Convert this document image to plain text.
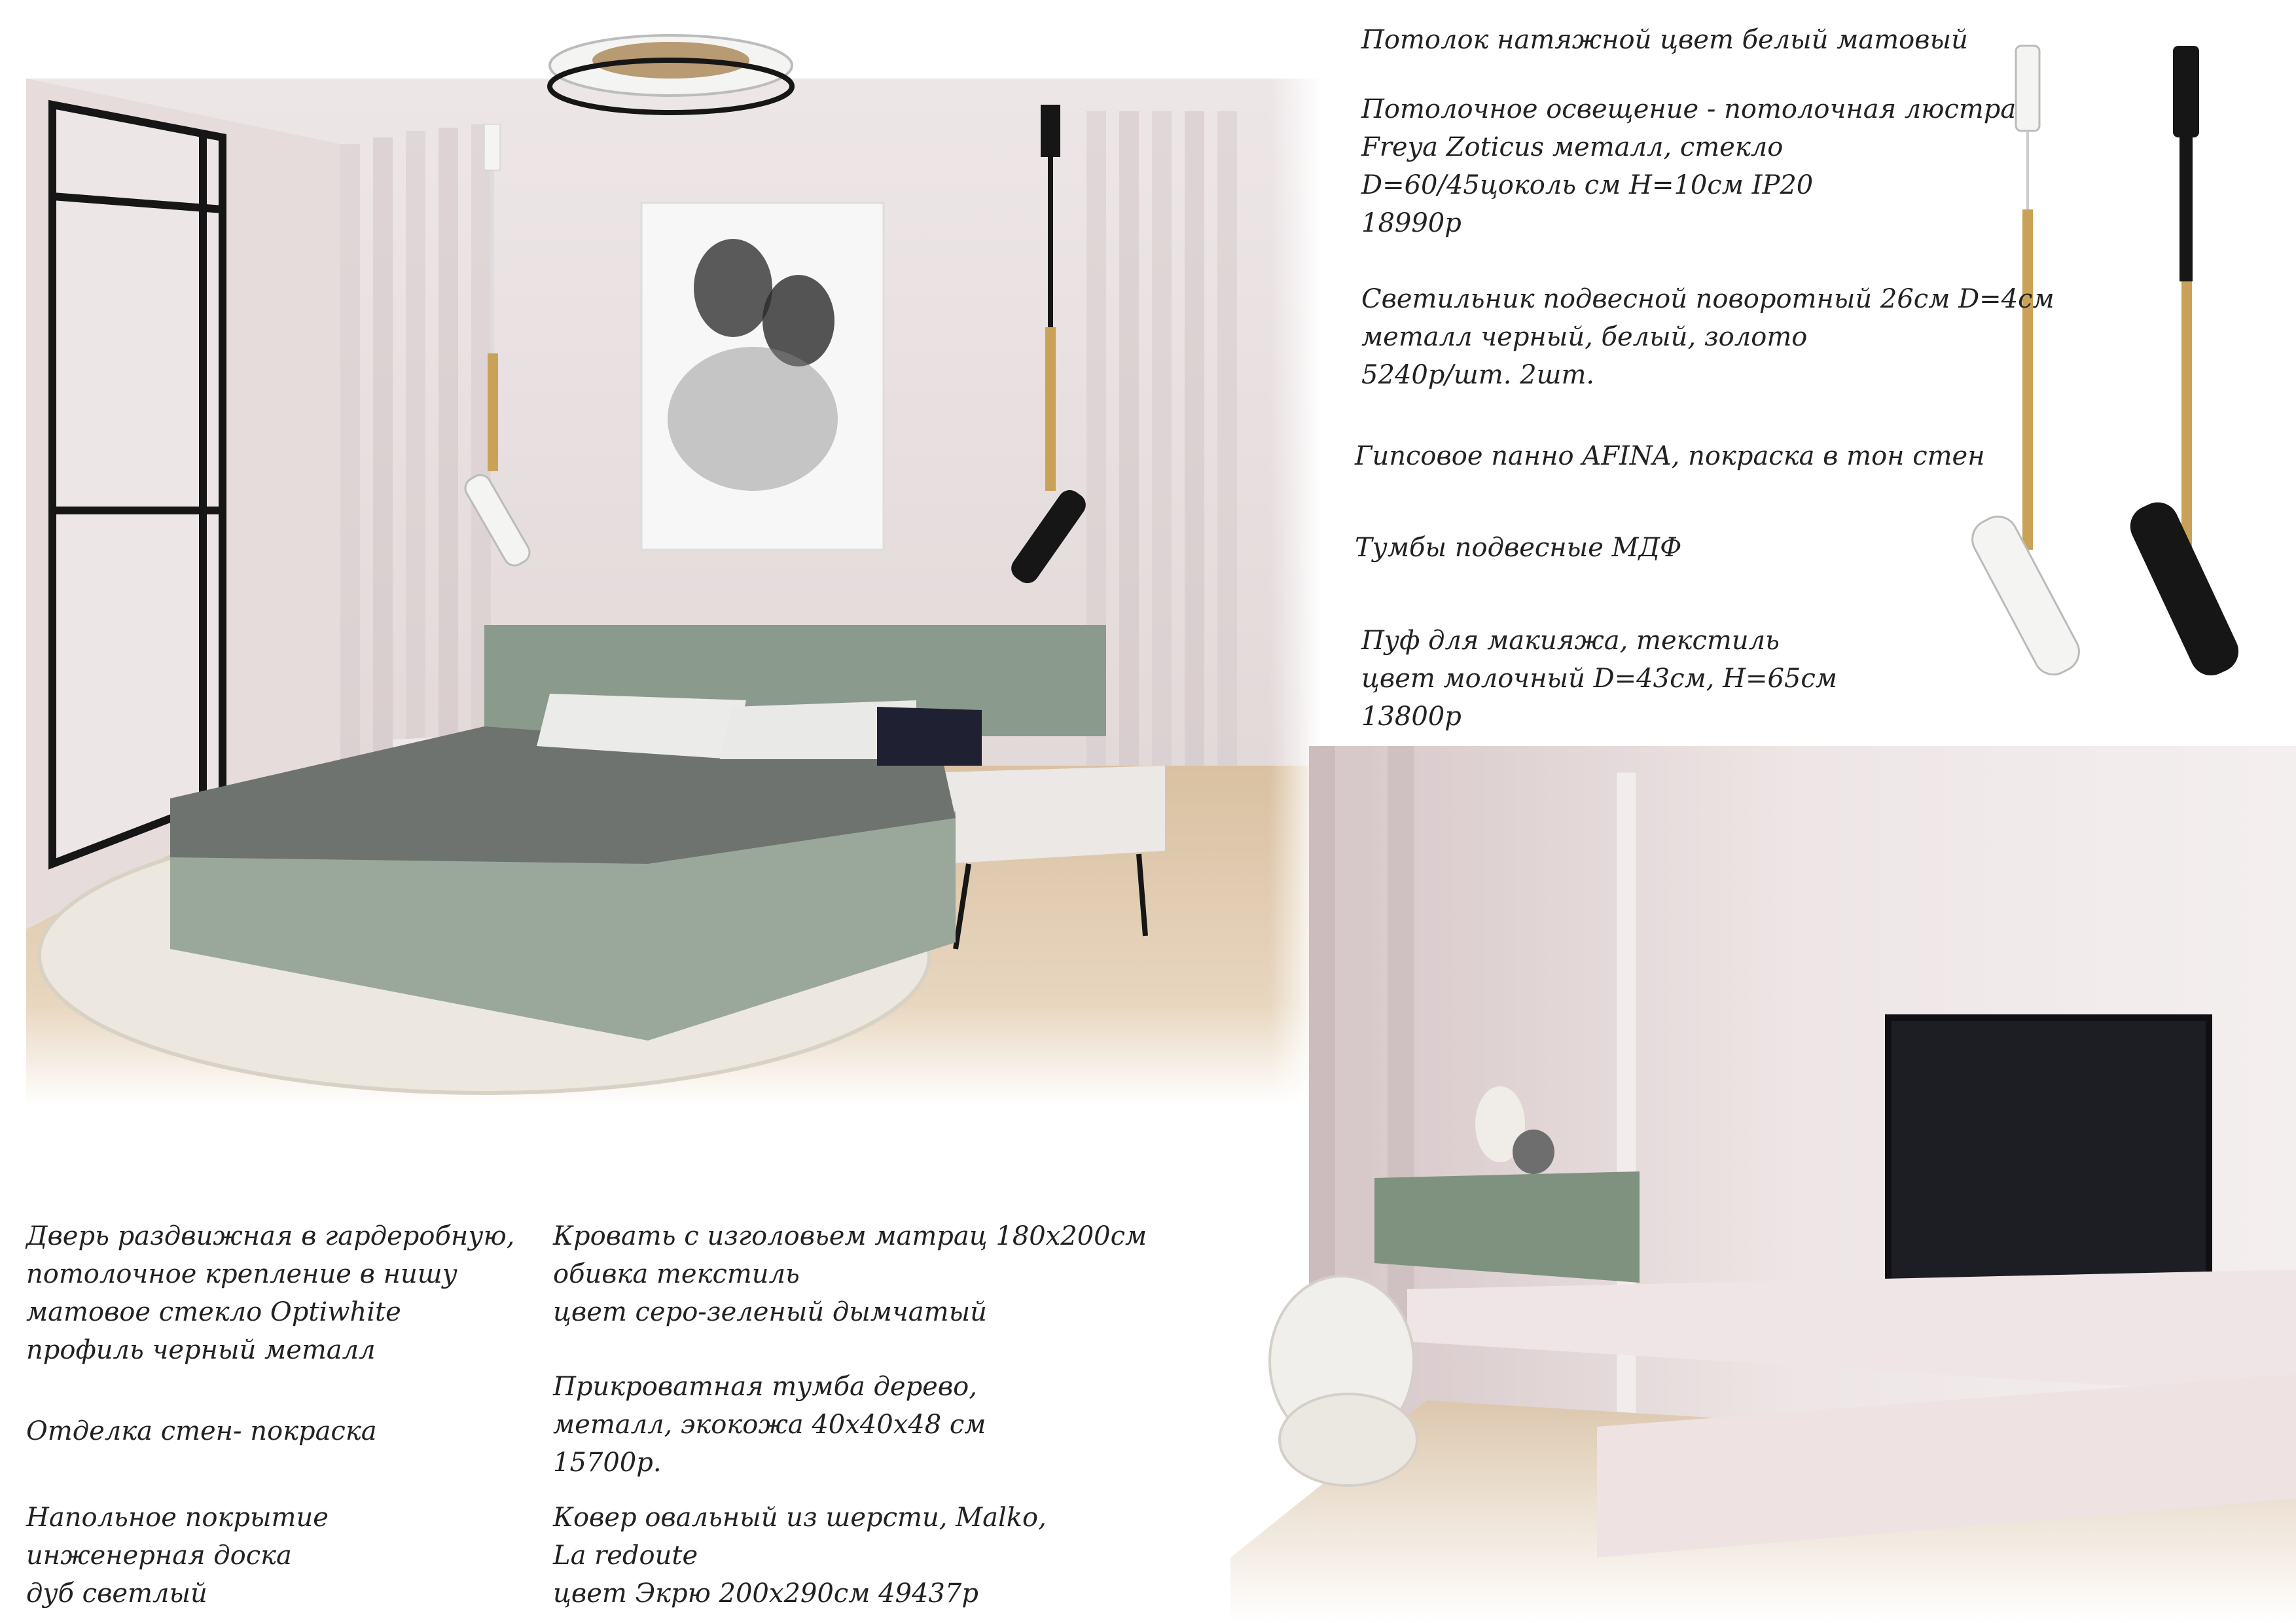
Потолок натяжной цвет белый матовый
Потолочное освещение - потолочная люстра
Freya Zoticus металл, стекло
D=60/45цоколь см H=10см IP20
18990р
Светильник подвесной поворотный 26см D=4см
металл черный, белый, золото
5240р/шт. 2шт.
Гипсовое панно AFINA, покраска в тон стен
Тумбы подвесные МДФ
Пуф для макияжа, текстиль
цвет молочный D=43см, H=65см
13800р
Дверь раздвижная в гардеробную,
потолочное крепление в нишу
матовое стекло Optiwhite
профиль черный металл
Отделка стен- покраска
Напольное покрытие
инженерная доска
дуб светлый
Кровать с изголовьем матрац 180х200см
обивка текстиль
цвет серо-зеленый дымчатый
Прикроватная тумба дерево,
металл, экокожа 40х40х48 см
15700р.
Ковер овальный из шерсти, Malko,
La redoute
цвет Экрю 200х290см 49437р
